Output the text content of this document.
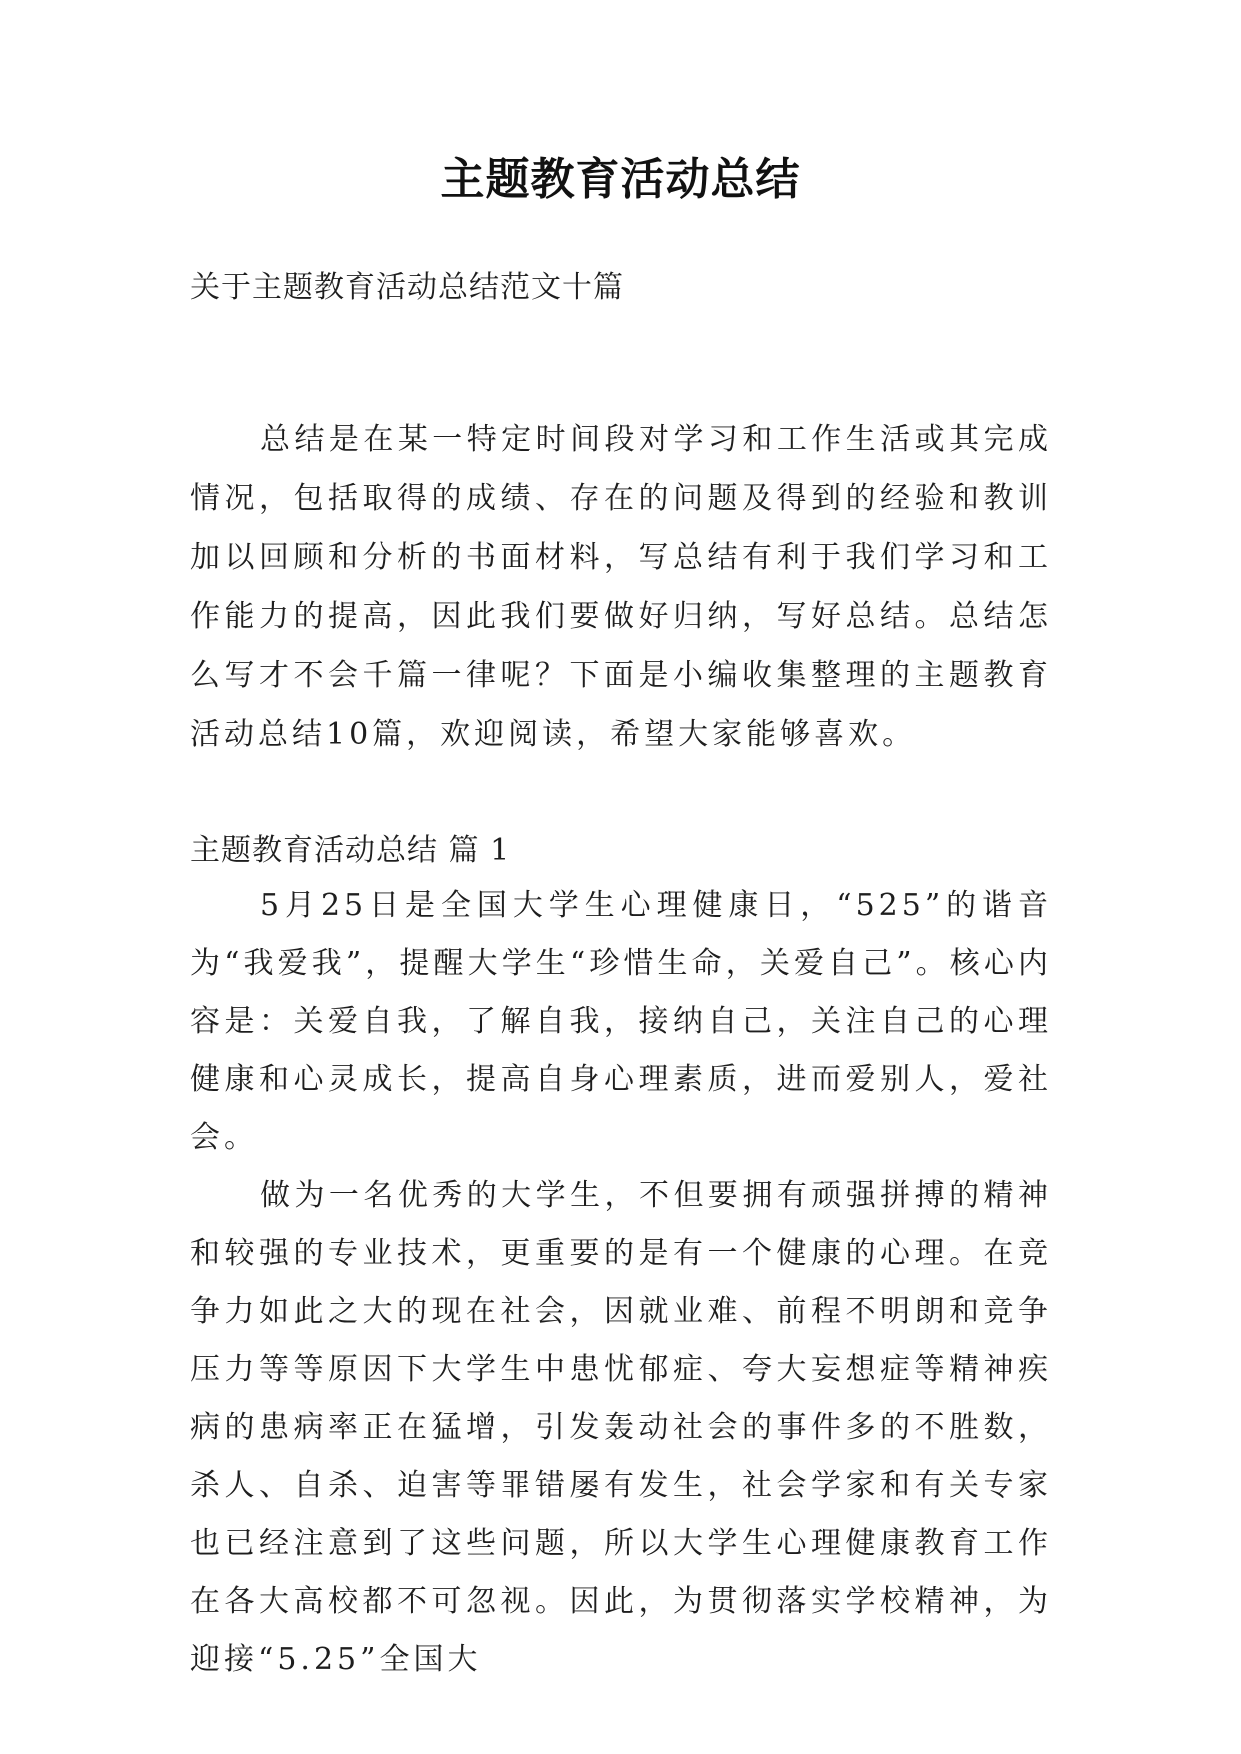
主题教育活动总结
关于主题教育活动总结范文十篇
总结是在某一特定时间段对学习和工作生活或其完成情况，包括取得的成绩、存在的问题及得到的经验和教训加以回顾和分析的书面材料，写总结有利于我们学习和工作能力的提高，因此我们要做好归纳，写好总结。总结怎么写才不会千篇一律呢？下面是小编收集整理的主题教育活动总结10篇，欢迎阅读，希望大家能够喜欢。
主题教育活动总结 篇 1

5月25日是全国大学生心理健康日，“525”的谐音为“我爱我”，提醒大学生“珍惜生命，关爱自己”。核心内容是：关爱自我，了解自我，接纳自己，关注自己的心理健康和心灵成长，提高自身心理素质，进而爱别人，爱社会。

做为一名优秀的大学生，不但要拥有顽强拼搏的精神和较强的专业技术，更重要的是有一个健康的心理。在竞争力如此之大的现在社会，因就业难、前程不明朗和竞争压力等等原因下大学生中患忧郁症、夸大妄想症等精神疾病的患病率正在猛增，引发轰动社会的事件多的不胜数，杀人、自杀、迫害等罪错屡有发生，社会学家和有关专家也已经注意到了这些问题，所以大学生心理健康教育工作在各大高校都不可忽视。因此，为贯彻落实学校精神，为迎接“5.25”全国大
